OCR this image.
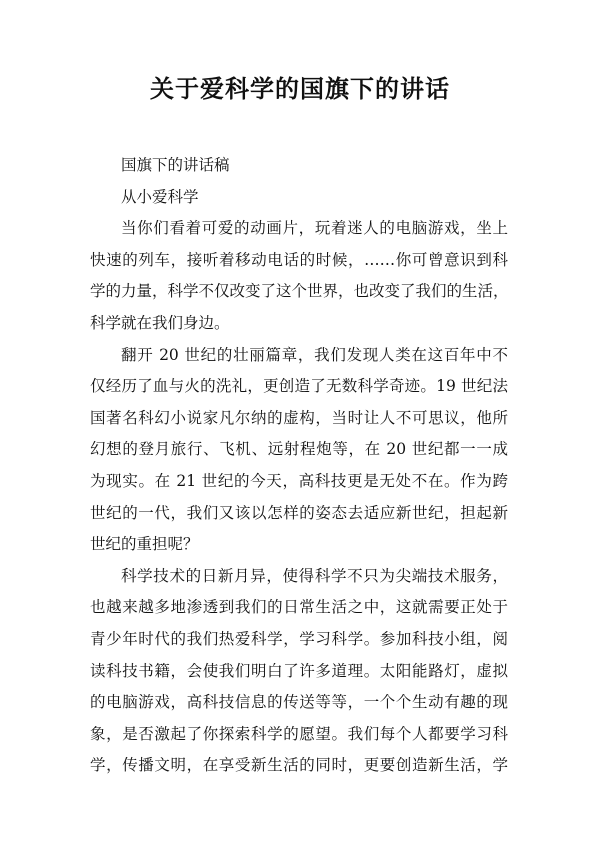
关于爱科学的国旗下的讲话
国旗下的讲话稿
从小爱科学
当你们看着可爱的动画片，玩着迷人的电脑游戏，坐上
快速的列车，接听着移动电话的时候，……你可曾意识到科
学的力量，科学不仅改变了这个世界，也改变了我们的生活，
科学就在我们身边。
翻开 20 世纪的壮丽篇章，我们发现人类在这百年中不
仅经历了血与火的洗礼，更创造了无数科学奇迹。19 世纪法
国著名科幻小说家凡尔纳的虚构，当时让人不可思议，他所
幻想的登月旅行、飞机、远射程炮等，在 20 世纪都一一成
为现实。在 21 世纪的今天，高科技更是无处不在。作为跨
世纪的一代，我们又该以怎样的姿态去适应新世纪，担起新
世纪的重担呢？
科学技术的日新月异，使得科学不只为尖端技术服务，
也越来越多地渗透到我们的日常生活之中，这就需要正处于
青少年时代的我们热爱科学，学习科学。参加科技小组，阅
读科技书籍，会使我们明白了许多道理。太阳能路灯，虚拟
的电脑游戏，高科技信息的传送等等，一个个生动有趣的现
象，是否激起了你探索科学的愿望。我们每个人都要学习科
学，传播文明，在享受新生活的同时，更要创造新生活，学
